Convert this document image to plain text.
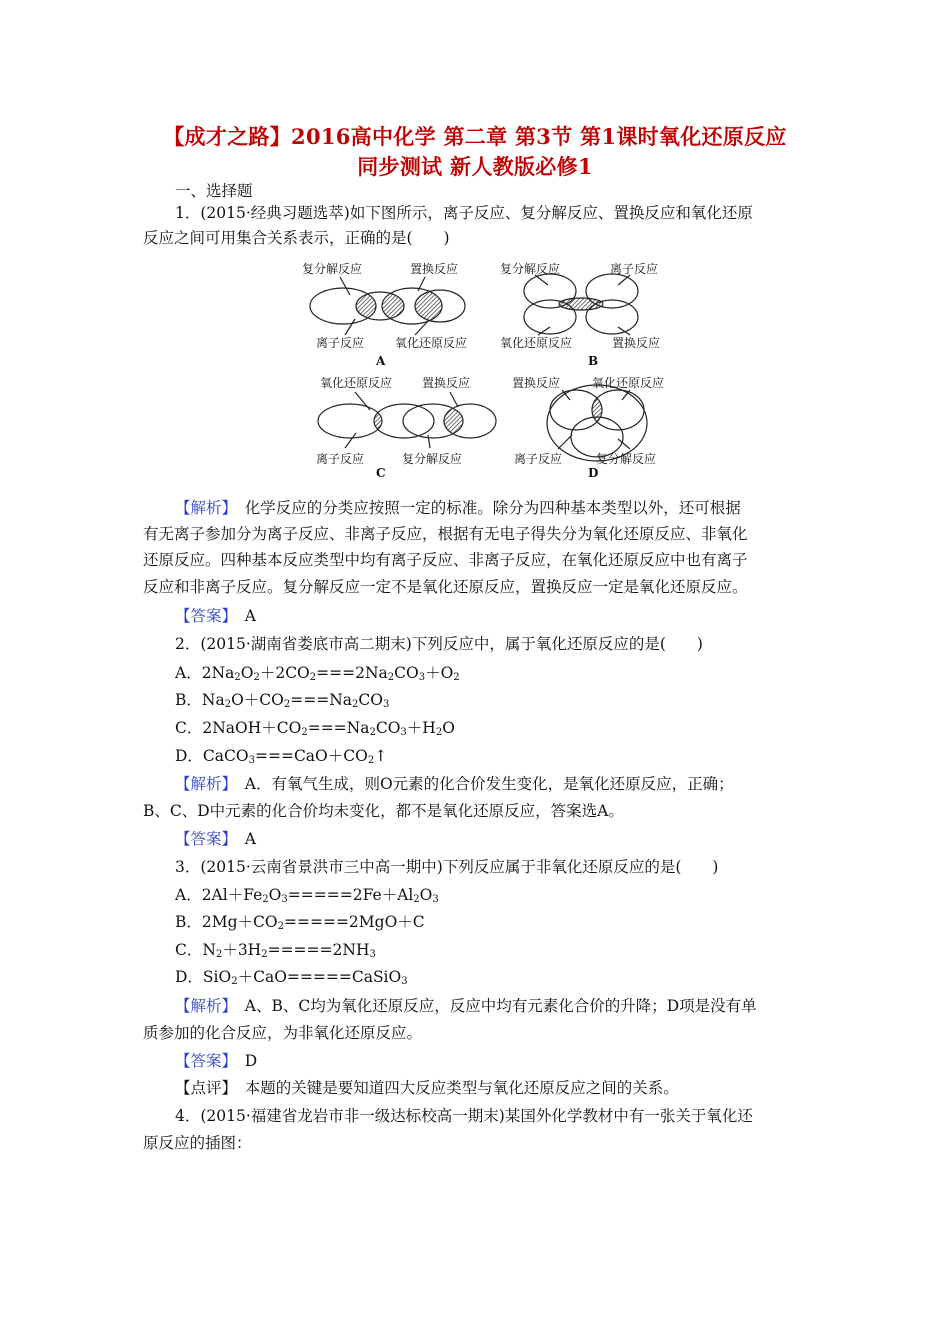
【成才之路】2016高中化学 第二章 第3节 第1课时氧化还原反应
同步测试 新人教版必修1
一、选择题
1．(2015·经典习题选萃)如下图所示，离子反应、复分解反应、置换反应和氧化还原
反应之间可用集合关系表示，正确的是(　　)
复分解反应	置换反应
离子反应	氧化还原反应
A
复分解反应	离子反应
氧化还原反应	置换反应
B
氧化还原反应 置换反应
离子反应	复分解反应
C
置换反应	氧化还原反应
离子反应	复分解反应
D
【解析】　化学反应的分类应按照一定的标准。除分为四种基本类型以外，还可根据
有无离子参加分为离子反应、非离子反应，根据有无电子得失分为氧化还原反应、非氧化
还原反应。四种基本反应类型中均有离子反应、非离子反应，在氧化还原反应中也有离子
反应和非离子反应。复分解反应一定不是氧化还原反应，置换反应一定是氧化还原反应。
【答案】　A
2．(2015·湖南省娄底市高二期末)下列反应中，属于氧化还原反应的是(　　)
A．$2Na_2O_2+2CO_2===2Na_2CO_3+O_2$
B．$Na_2O+CO_2===Na_2CO_3$
C．$2NaOH+CO_2===Na_2CO_3+H_2O$
D．$CaCO_3===CaO+CO_2↑$
【解析】　A．有氧气生成，则O元素的化合价发生变化，是氧化还原反应，正确；
B、C、D中元素的化合价均未变化，都不是氧化还原反应，答案选A。
【答案】　A
3．(2015·云南省景洪市三中高一期中)下列反应属于非氧化还原反应的是(　　)
A．$2Al+Fe_2O_3=====2Fe+Al_2O_3$
B．$2Mg+CO_2=====2MgO+C$
C．$N_2+3H_2=====2NH_3$
D．SiO$_2$＋CaO=====CaSiO$_3$
【解析】　A、B、C均为氧化还原反应，反应中均有元素化合价的升降；D项是没有单
质参加的化合反应，为非氧化还原反应。
【答案】　D
【点评】　本题的关键是要知道四大反应类型与氧化还原反应之间的关系。
4．(2015·福建省龙岩市非一级达标校高一期末)某国外化学教材中有一张关于氧化还
原反应的插图：
